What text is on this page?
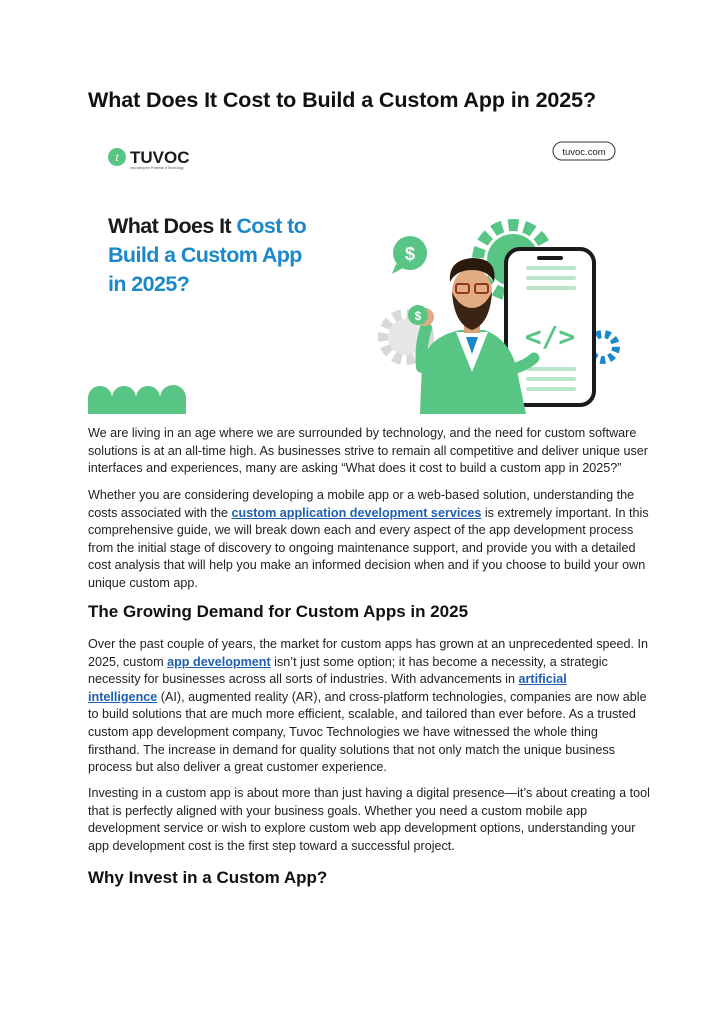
What Does It Cost to Build a Custom App in 2025?
t TUVOC
Innovating the Potential of Technology
tuvoc.com
What Does It Cost to
Build a Custom App
in 2025?
$
</>
$

We are living in an age where we are surrounded by technology, and the need for custom software
solutions is at an all-time high. As businesses strive to remain all competitive and deliver unique user
interfaces and experiences, many are asking “What does it cost to build a custom app in 2025?”

Whether you are considering developing a mobile app or a web-based solution, understanding the
costs associated with the custom application development services is extremely important. In this
comprehensive guide, we will break down each and every aspect of the app development process
from the initial stage of discovery to ongoing maintenance support, and provide you with a detailed
cost analysis that will help you make an informed decision when and if you choose to build your own
unique custom app.

The Growing Demand for Custom Apps in 2025

Over the past couple of years, the market for custom apps has grown at an unprecedented speed. In
2025, custom app development isn’t just some option; it has become a necessity, a strategic
necessity for businesses across all sorts of industries. With advancements in artificial
intelligence (AI), augmented reality (AR), and cross-platform technologies, companies are now able
to build solutions that are much more efficient, scalable, and tailored than ever before. As a trusted
custom app development company, Tuvoc Technologies we have witnessed the whole thing
firsthand. The increase in demand for quality solutions that not only match the unique business
process but also deliver a great customer experience.

Investing in a custom app is about more than just having a digital presence—it’s about creating a tool
that is perfectly aligned with your business goals. Whether you need a custom mobile app
development service or wish to explore custom web app development options, understanding your
app development cost is the first step toward a successful project.

Why Invest in a Custom App?
